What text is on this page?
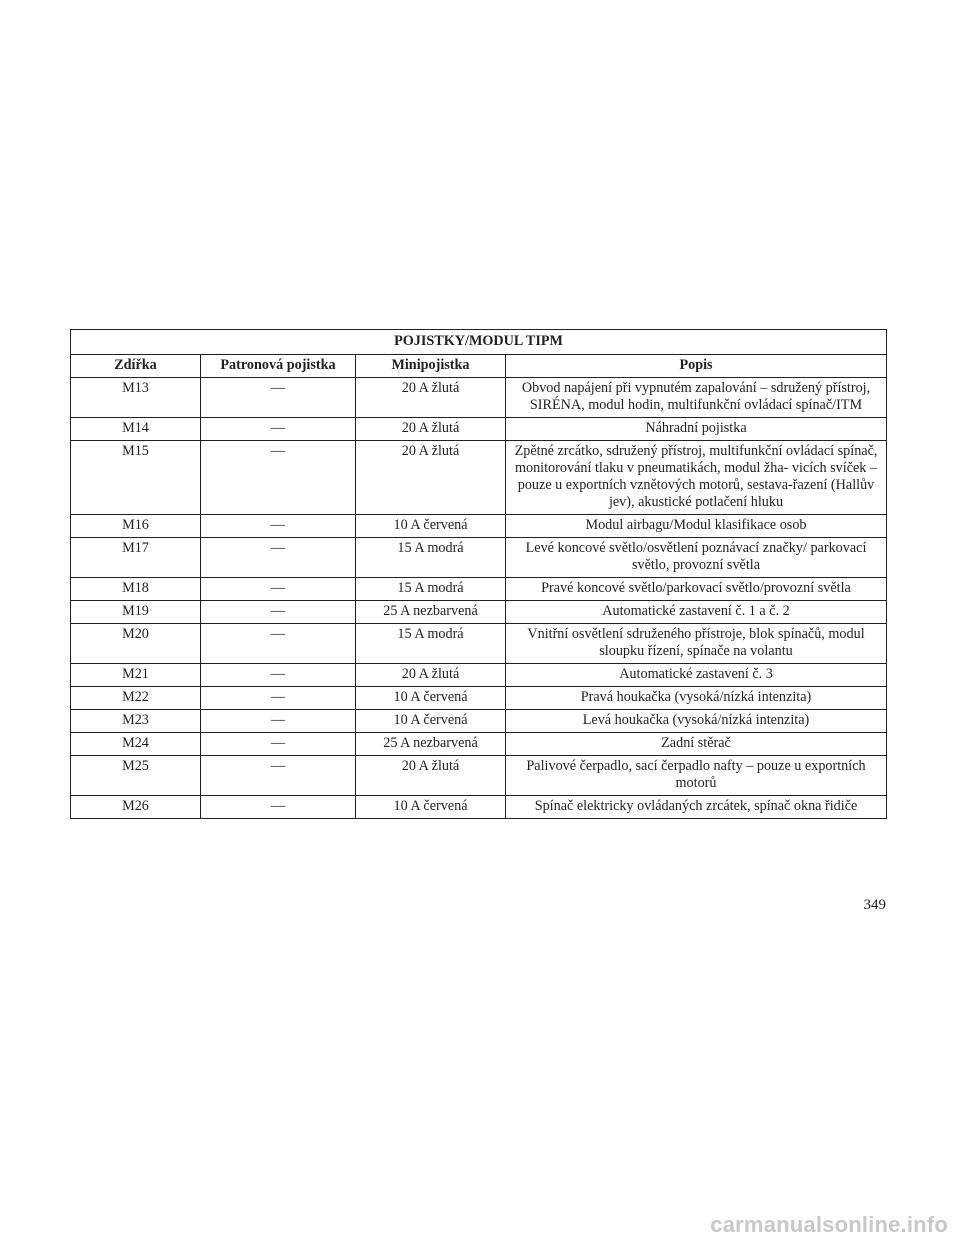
POJISTKY/MODUL TIPM			
Zdířka	Patronová pojistka	Minipojistka	Popis
M13	—	20 A žlutá	Obvod napájení při vypnutém zapalování – sdružený přístroj, SIRÉNA, modul hodin, multifunkční ovládací spínač/ITM
M14	—	20 A žlutá	Náhradní pojistka
M15	—	20 A žlutá	Zpětné zrcátko, sdružený přístroj, multifunkční ovládací spínač, monitorování tlaku v pneumatikách, modul žha- vicích svíček – pouze u exportních vznětových motorů, sestava-řazení (Hallův jev), akustické potlačení hluku
M16	—	10 A červená	Modul airbagu/Modul klasifikace osob
M17	—	15 A modrá	Levé koncové světlo/osvětlení poznávací značky/ parkovací světlo, provozní světla
M18	—	15 A modrá	Pravé koncové světlo/parkovací světlo/provozní světla
M19	—	25 A nezbarvená	Automatické zastavení č. 1 a č. 2
M20	—	15 A modrá	Vnitřní osvětlení sdruženého přístroje, blok spínačů, modul sloupku řízení, spínače na volantu
M21	—	20 A žlutá	Automatické zastavení č. 3
M22	—	10 A červená	Pravá houkačka (vysoká/nízká intenzita)
M23	—	10 A červená	Levá houkačka (vysoká/nízká intenzita)
M24	—	25 A nezbarvená	Zadní stěrač
M25	—	20 A žlutá	Palivové čerpadlo, sací čerpadlo nafty – pouze u exportních motorů
M26	—	10 A červená	Spínač elektricky ovládaných zrcátek, spínač okna řidiče
349
carmanualsonline.info
